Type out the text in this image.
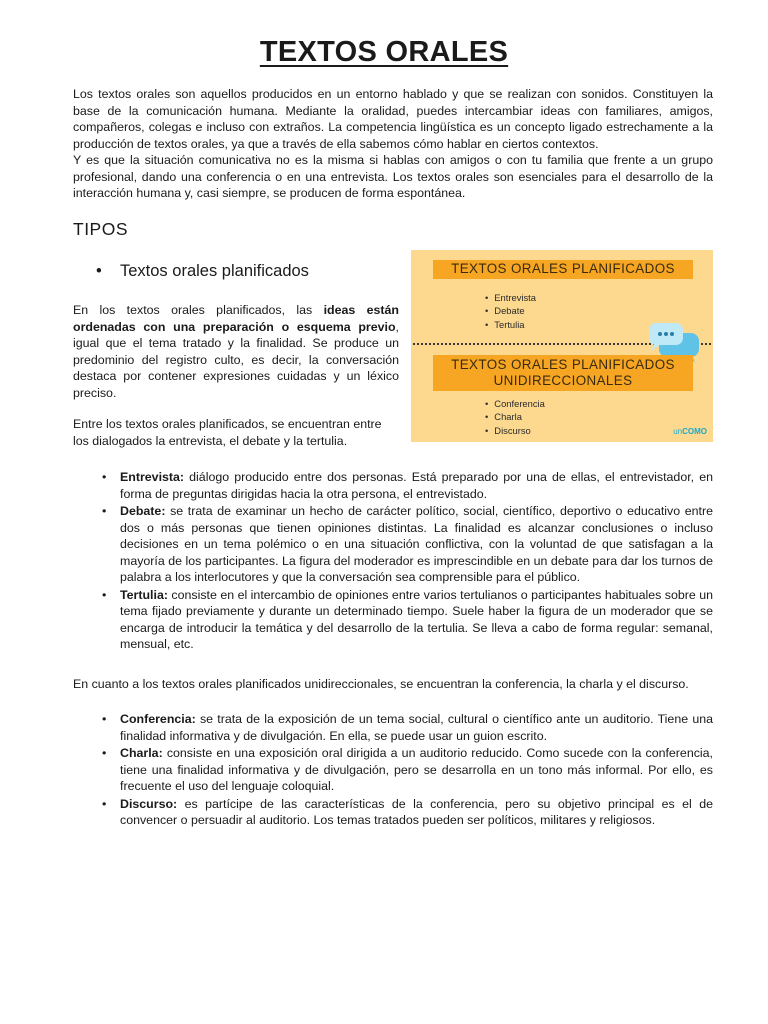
TEXTOS ORALES

Los textos orales son aquellos producidos en un entorno hablado y que se realizan con sonidos. Constituyen la base de la comunicación humana. Mediante la oralidad, puedes intercambiar ideas con familiares, amigos, compañeros, colegas e incluso con extraños. La competencia lingüística es un concepto ligado estrechamente a la producción de textos orales, ya que a través de ella sabemos cómo hablar en ciertos contextos.

Y es que la situación comunicativa no es la misma si hablas con amigos o con tu familia que frente a un grupo profesional, dando una conferencia o en una entrevista. Los textos orales son esenciales para el desarrollo de la interacción humana y, casi siempre, se producen de forma espontánea.

TIPOS
• Textos orales planificados

En los textos orales planificados, las ideas están ordenadas con una preparación o esquema previo, igual que el tema tratado y la finalidad. Se produce un predominio del registro culto, es decir, la conversación destaca por contener expresiones cuidadas y un léxico preciso.

Entre los textos orales planificados, se encuentran entre los dialogados la entrevista, el debate y la tertulia.

TEXTOS ORALES PLANIFICADOS
• Entrevista
• Debate
• Tertulia
TEXTOS ORALES PLANIFICADOS UNIDIRECCIONALES
• Conferencia
• Charla
• Discurso	unCOMO
• Entrevista: diálogo producido entre dos personas. Está preparado por una de ellas, el entrevistador, en forma de preguntas dirigidas hacia la otra persona, el entrevistado.
• Debate: se trata de examinar un hecho de carácter político, social, científico, deportivo o educativo entre dos o más personas que tienen opiniones distintas. La finalidad es alcanzar conclusiones o incluso decisiones en un tema polémico o en una situación conflictiva, con la voluntad de que satisfagan a la mayoría de los participantes. La figura del moderador es imprescindible en un debate para dar los turnos de palabra a los interlocutores y que la conversación sea comprensible para el público.
• Tertulia: consiste en el intercambio de opiniones entre varios tertulianos o participantes habituales sobre un tema fijado previamente y durante un determinado tiempo. Suele haber la figura de un moderador que se encarga de introducir la temática y del desarrollo de la tertulia. Se lleva a cabo de forma regular: semanal, mensual, etc.

En cuanto a los textos orales planificados unidireccionales, se encuentran la conferencia, la charla y el discurso.

• Conferencia: se trata de la exposición de un tema social, cultural o científico ante un auditorio. Tiene una finalidad informativa y de divulgación. En ella, se puede usar un guion escrito.
• Charla: consiste en una exposición oral dirigida a un auditorio reducido. Como sucede con la conferencia, tiene una finalidad informativa y de divulgación, pero se desarrolla en un tono más informal. Por ello, es frecuente el uso del lenguaje coloquial.
• Discurso: es partícipe de las características de la conferencia, pero su objetivo principal es el de convencer o persuadir al auditorio. Los temas tratados pueden ser políticos, militares y religiosos.
